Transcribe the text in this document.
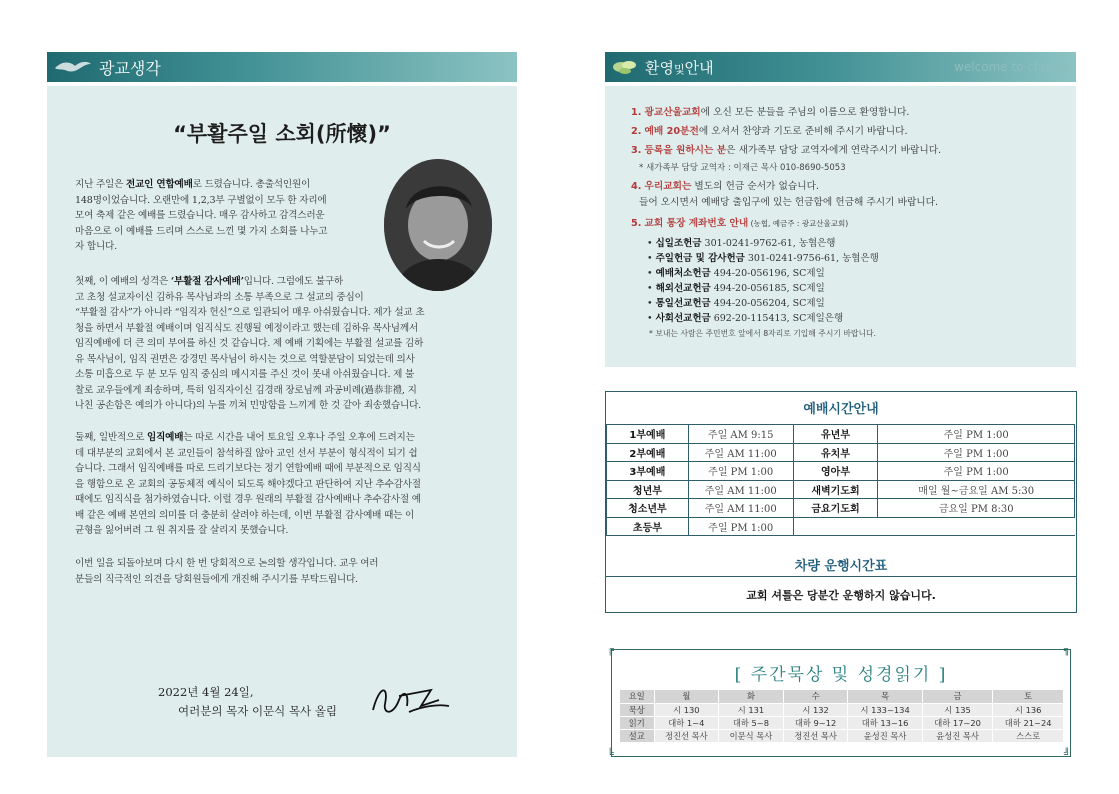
광교생각
“부활주일 소회(所懷)”
지난 주일은 전교인 연합예배로 드렸습니다. 총출석인원이
148명이었습니다. 오랜만에 1,2,3부 구별없이 모두 한 자리에
모여 축제 같은 예배를 드렸습니다. 매우 감사하고 감격스러운
마음으로 이 예배를 드리며 스스로 느낀 몇 가지 소회를 나누고
자 합니다.
첫째, 이 예배의 성격은 ‘부활절 감사예배’입니다. 그럼에도 불구하
고 초청 설교자이신 김하유 목사님과의 소통 부족으로 그 설교의 중심이
“부활절 감사”가 아니라 “임직자 헌신”으로 일관되어 매우 아쉬웠습니다. 제가 설교 초
청을 하면서 부활절 예배이며 임직식도 진행될 예정이라고 했는데 김하유 목사님께서
임직예배에 더 큰 의미 부여를 하신 것 같습니다. 제 예배 기획에는 부활절 설교를 김하
유 목사님이, 임직 권면은 강경민 목사님이 하시는 것으로 역할분담이 되었는데 의사
소통 미흡으로 두 분 모두 임직 중심의 메시지를 주신 것이 못내 아쉬웠습니다. 제 불
찰로 교우들에게 죄송하며, 특히 임직자이신 김경래 장로님께 과공비례(過恭非禮, 지
나친 공손함은 예의가 아니다)의 누를 끼쳐 민망함을 느끼게 한 것 같아 죄송했습니다.
둘째, 일반적으로 임직예배는 따로 시간을 내어 토요일 오후나 주일 오후에 드려지는
데 대부분의 교회에서 본 교인들이 참석하질 않아 교인 선서 부분이 형식적이 되기 쉽
습니다. 그래서 임직예배를 따로 드리기보다는 정기 연합예배 때에 부분적으로 임직식
을 행함으로 온 교회의 공동체적 예식이 되도록 해야겠다고 판단하여 지난 추수감사절
때에도 임직식을 첨가하였습니다. 이럴 경우 원래의 부활절 감사예배나 추수감사절 예
배 같은 예배 본연의 의미를 더 충분히 살려야 하는데, 이번 부활절 감사예배 때는 이
균형을 잃어버려 그 원 취지를 잘 살리지 못했습니다.
이번 일을 되돌아보며 다시 한 번 당회적으로 논의할 생각입니다. 교우 여러
분들의 직극적인 의견을 당회원들에게 개진해 주시기를 부탁드립니다.
2022년 4월 24일,
여러분의 목자 이문식 목사 올림
환영및안내	welcome to church
1. 광교산울교회에 오신 모든 분들을 주님의 이름으로 환영합니다.
2. 예배 20분전에 오셔서 찬양과 기도로 준비해 주시기 바랍니다.
3. 등록을 원하시는 분은 새가족부 담당 교역자에게 연락주시기 바랍니다.
* 새가족부 담당 교역자 : 이재근 목사 010-8690-5053
4. 우리교회는 별도의 헌금 순서가 없습니다.
들어 오시면서 예배당 출입구에 있는 헌금함에 헌금해 주시기 바랍니다.
5. 교회 통장 계좌번호 안내 (농협, 예금주 : 광교산울교회)
• 십일조헌금 301-0241-9762-61, 농협은행
• 주일헌금 및 감사헌금 301-0241-9756-61, 농협은행
• 예배처소헌금 494-20-056196, SC제일
• 해외선교헌금 494-20-056185, SC제일
• 통일선교헌금 494-20-056204, SC제일
• 사회선교헌금 692-20-115413, SC제일은행
* 보내는 사람은 주민번호 앞에서 8자리로 기입해 주시기 바랍니다.
예배시간안내
1부예배	주일 AM 9:15	유년부	주일 PM 1:00
2부예배	주일 AM 11:00	유치부	주일 PM 1:00
3부예배	주일 PM 1:00	영아부	주일 PM 1:00
청년부	주일 AM 11:00	새벽기도회	매일 월~금요일 AM 5:30
청소년부	주일 AM 11:00	금요기도회	금요일 PM 8:30
초등부	주일 PM 1:00		
차량 운행시간표
교회 셔틀은 당분간 운행하지 않습니다.
╔	╗
╚	╝
[ 주간묵상 및 성경읽기 ]
요일	월	화	수	목	금	토
묵상	시 130	시 131	시 132	시 133~134	시 135	시 136
읽기	대하 1~4	대하 5~8	대하 9~12	대하 13~16	대하 17~20	대하 21~24
설교	정진선 목사	이문식 목사	정진선 목사	윤성진 목사	윤성진 목사	스스로
